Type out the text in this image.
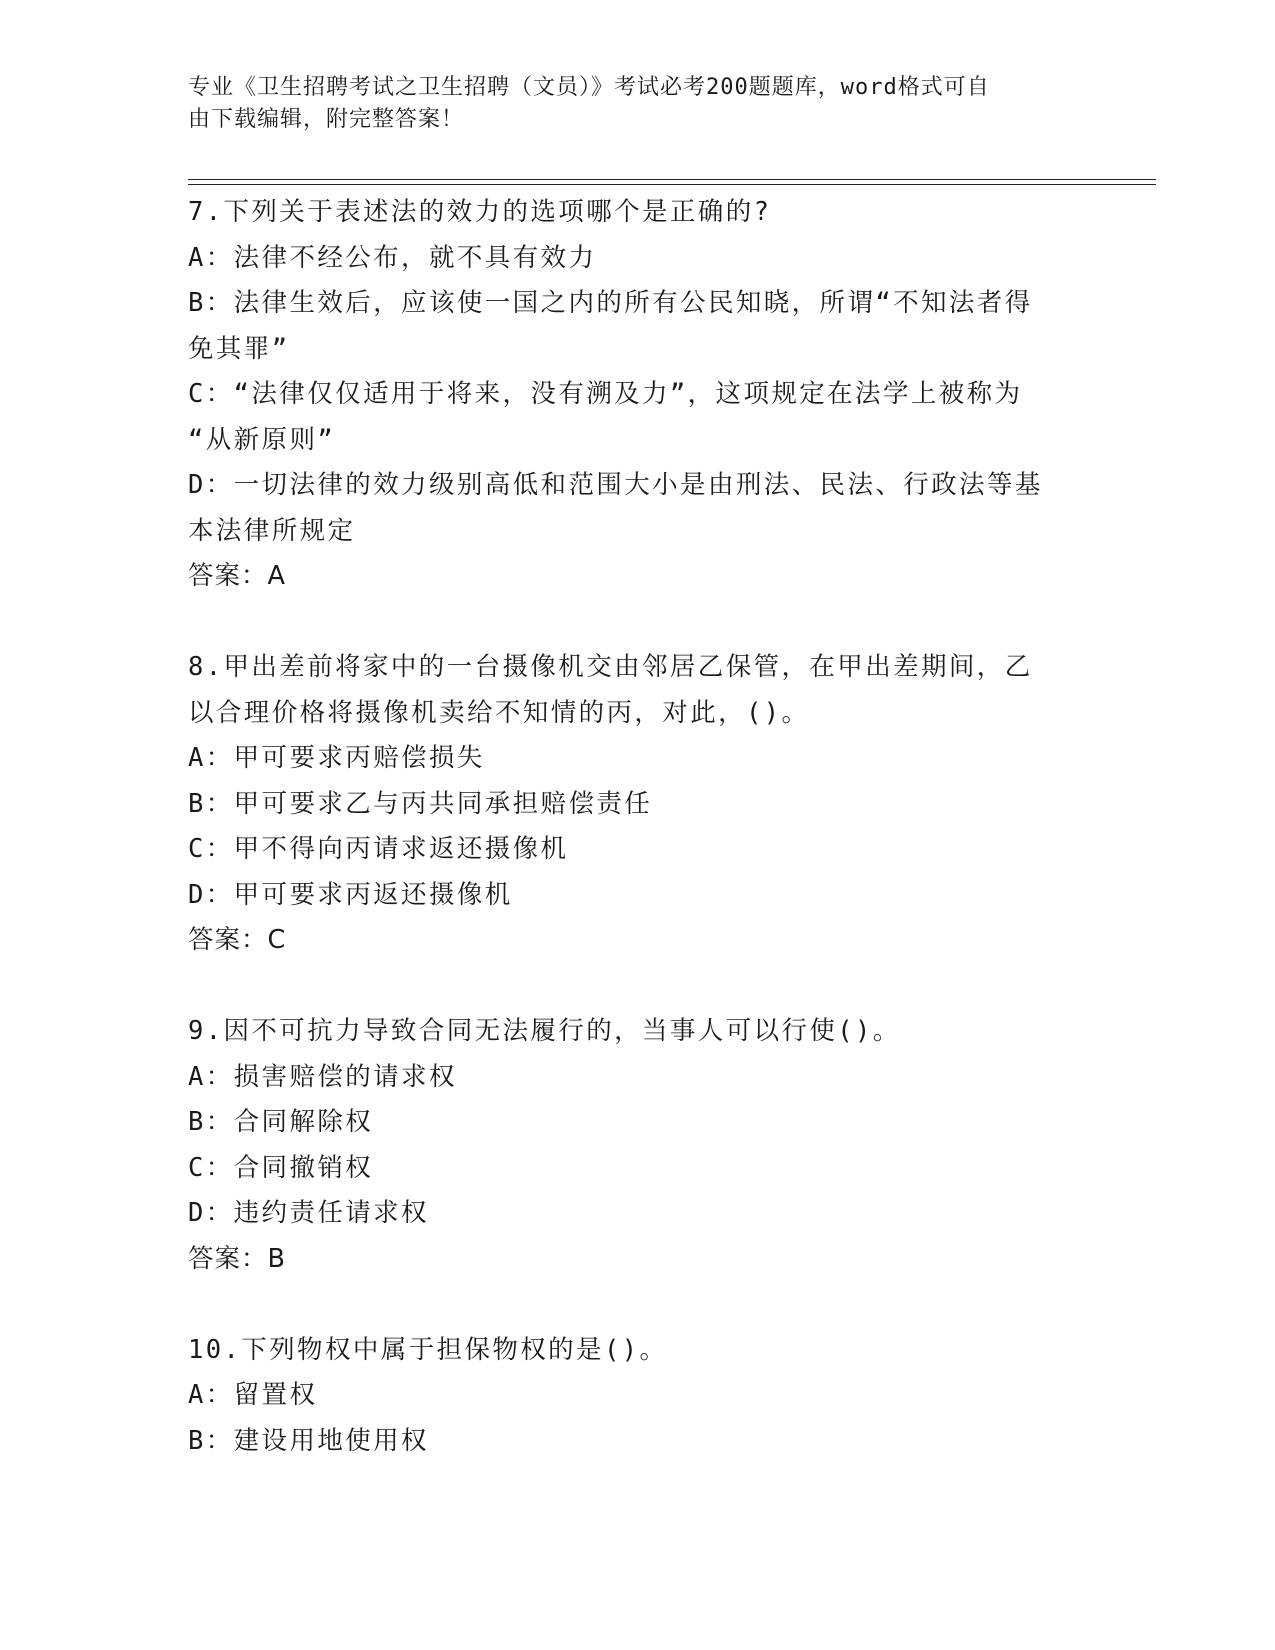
专业《卫生招聘考试之卫生招聘（文员）》考试必考200题题库，word格式可自
由下载编辑，附完整答案！

7.下列关于表述法的效力的选项哪个是正确的?

A：法律不经公布，就不具有效力

B：法律生效后，应该使一国之内的所有公民知晓，所谓“不知法者得

免其罪”

C：“法律仅仅适用于将来，没有溯及力”，这项规定在法学上被称为

“从新原则”

D：一切法律的效力级别高低和范围大小是由刑法、民法、行政法等基

本法律所规定

答案：A

8.甲出差前将家中的一台摄像机交由邻居乙保管，在甲出差期间，乙

以合理价格将摄像机卖给不知情的丙，对此，()。

A：甲可要求丙赔偿损失

B：甲可要求乙与丙共同承担赔偿责任

C：甲不得向丙请求返还摄像机

D：甲可要求丙返还摄像机

答案：C

9.因不可抗力导致合同无法履行的，当事人可以行使()。

A：损害赔偿的请求权

B：合同解除权

C：合同撤销权

D：违约责任请求权

答案：B

10.下列物权中属于担保物权的是()。

A：留置权

B：建设用地使用权
